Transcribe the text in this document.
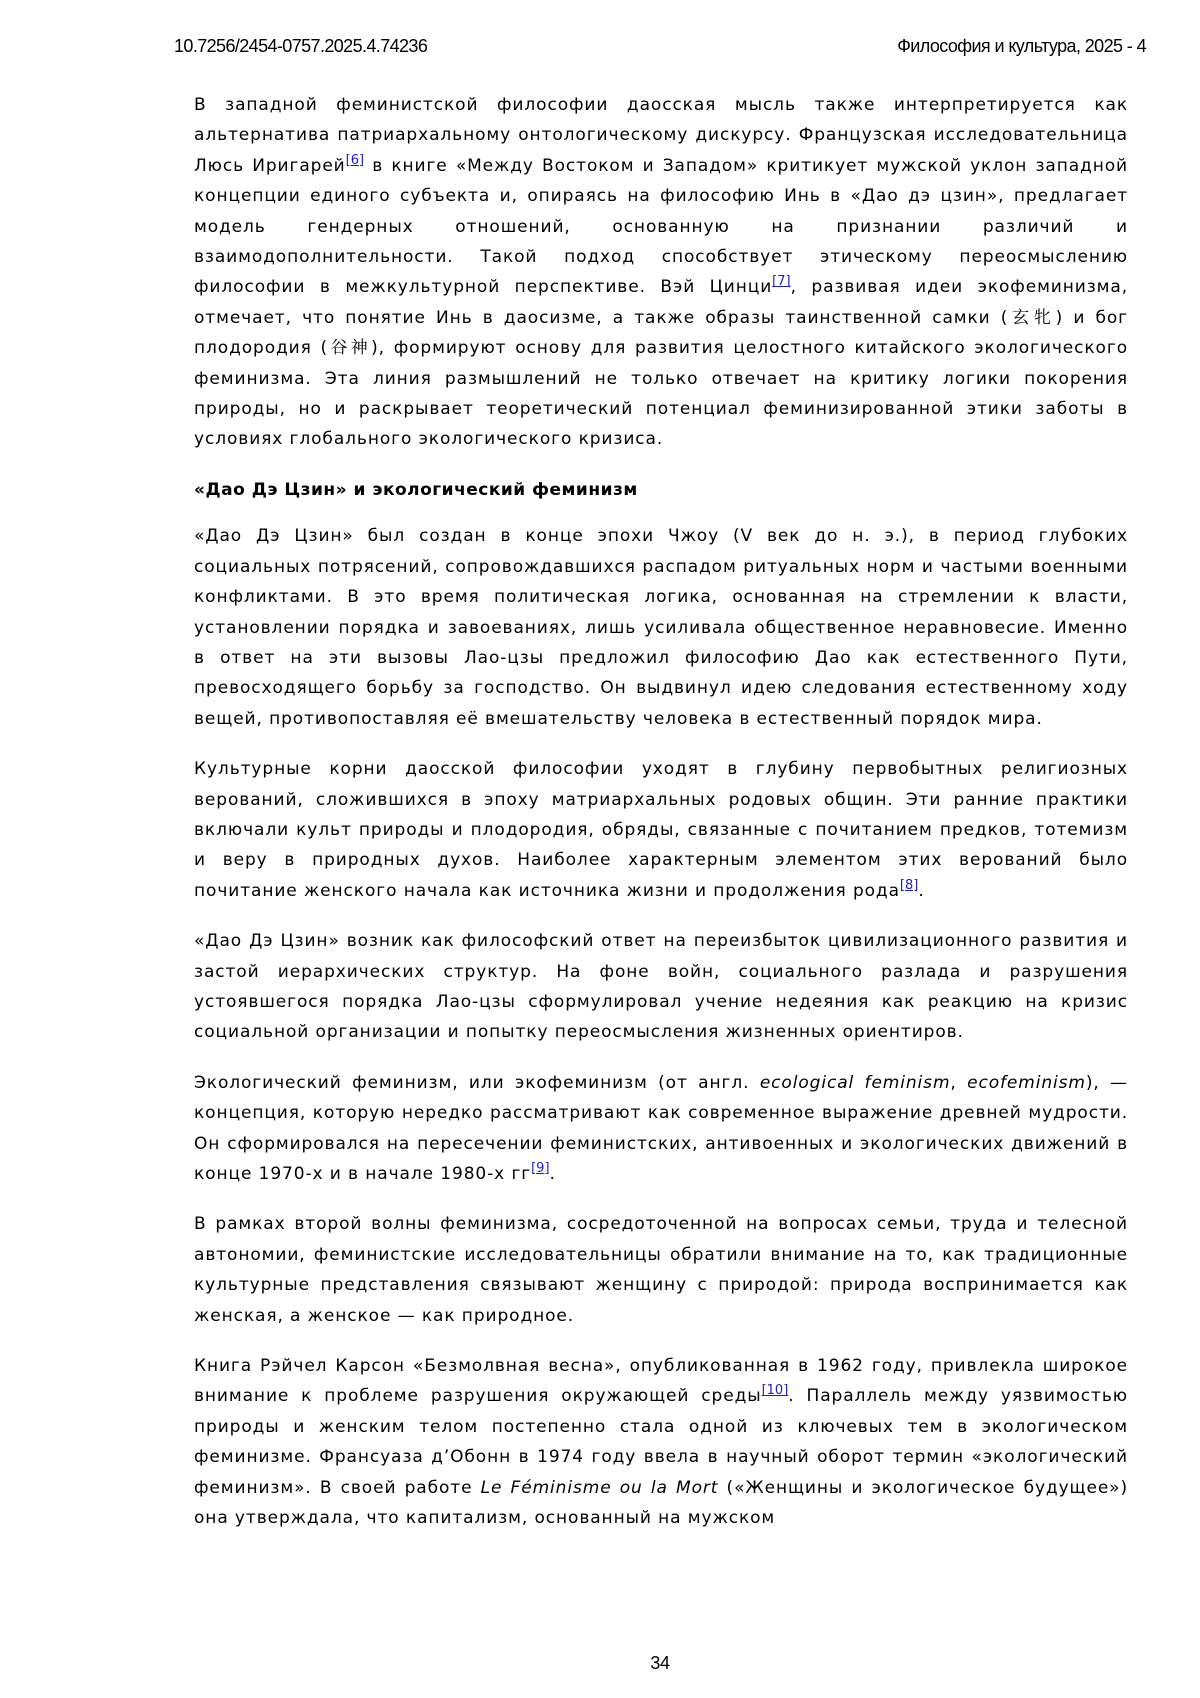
10.7256/2454-0757.2025.4.74236	Философия и культура, 2025 - 4

В западной феминистской философии даосская мысль также интерпретируется как альтернатива патриархальному онтологическому дискурсу. Французская исследовательница Люсь Иригарей[6] в книге «Между Востоком и Западом» критикует мужской уклон западной концепции единого субъекта и, опираясь на философию Инь в «Дао дэ цзин», предлагает модель гендерных отношений, основанную на признании различий и взаимодополнительности. Такой подход способствует этическому переосмыслению философии в межкультурной перспективе. Вэй Цинци[7], развивая идеи экофеминизма, отмечает, что понятие Инь в даосизме, а также образы таинственной самки (玄牝) и бог плодородия (谷神), формируют основу для развития целостного китайского экологического феминизма. Эта линия размышлений не только отвечает на критику логики покорения природы, но и раскрывает теоретический потенциал феминизированной этики заботы в условиях глобального экологического кризиса.

«Дао Дэ Цзин» и экологический феминизм

«Дао Дэ Цзин» был создан в конце эпохи Чжоу (V век до н. э.), в период глубоких социальных потрясений, сопровождавшихся распадом ритуальных норм и частыми военными конфликтами. В это время политическая логика, основанная на стремлении к власти, установлении порядка и завоеваниях, лишь усиливала общественное неравновесие. Именно в ответ на эти вызовы Лао-цзы предложил философию Дао как естественного Пути, превосходящего борьбу за господство. Он выдвинул идею следования естественному ходу вещей, противопоставляя её вмешательству человека в естественный порядок мира.

Культурные корни даосской философии уходят в глубину первобытных религиозных верований, сложившихся в эпоху матриархальных родовых общин. Эти ранние практики включали культ природы и плодородия, обряды, связанные с почитанием предков, тотемизм и веру в природных духов. Наиболее характерным элементом этих верований было почитание женского начала как источника жизни и продолжения рода[8].

«Дао Дэ Цзин» возник как философский ответ на переизбыток цивилизационного развития и застой иерархических структур. На фоне войн, социального разлада и разрушения устоявшегося порядка Лао-цзы сформулировал учение недеяния как реакцию на кризис социальной организации и попытку переосмысления жизненных ориентиров.

Экологический феминизм, или экофеминизм (от англ. ecological feminism, ecofeminism), — концепция, которую нередко рассматривают как современное выражение древней мудрости. Он сформировался на пересечении феминистских, антивоенных и экологических движений в конце 1970-х и в начале 1980-х гг[9].

В рамках второй волны феминизма, сосредоточенной на вопросах семьи, труда и телесной автономии, феминистские исследовательницы обратили внимание на то, как традиционные культурные представления связывают женщину с природой: природа воспринимается как женская, а женское — как природное.

Книга Рэйчел Карсон «Безмолвная весна», опубликованная в 1962 году, привлекла широкое внимание к проблеме разрушения окружающей среды[10]. Параллель между уязвимостью природы и женским телом постепенно стала одной из ключевых тем в экологическом феминизме. Франсуаза д’Обонн в 1974 году ввела в научный оборот термин «экологический феминизм». В своей работе Le Féminisme ou la Mort («Женщины и экологическое будущее») она утверждала, что капитализм, основанный на мужском

34
